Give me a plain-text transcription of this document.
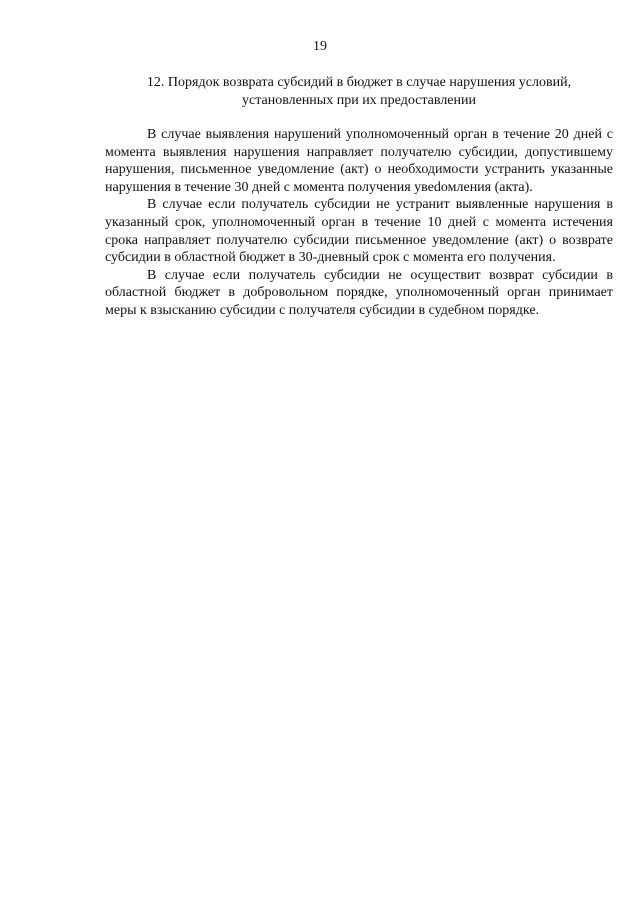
19
12. Порядок возврата субсидий в бюджет в случае нарушения условий,
установленных при их предоставлении

В случае выявления нарушений уполномоченный орган в течение 20 дней с момента выявления нарушения направляет получателю субсидии, допустившему нарушения, письменное уведомление (акт) о необходимости устранить указанные нарушения в течение 30 дней с момента получения увеdомления (акта).

В случае если получатель субсидии не устранит выявленные нарушения в указанный срок, уполномоченный орган в течение 10 дней с момента истечения срока направляет получателю субсидии письменное уведомление (акт) о возврате субсидии в областной бюджет в 30-дневный срок с момента его получения.

В случае если получатель субсидии не осуществит возврат субсидии в областной бюджет в добровольном порядке, уполномоченный орган принимает меры к взысканию субсидии с получателя субсидии в судебном порядке.
